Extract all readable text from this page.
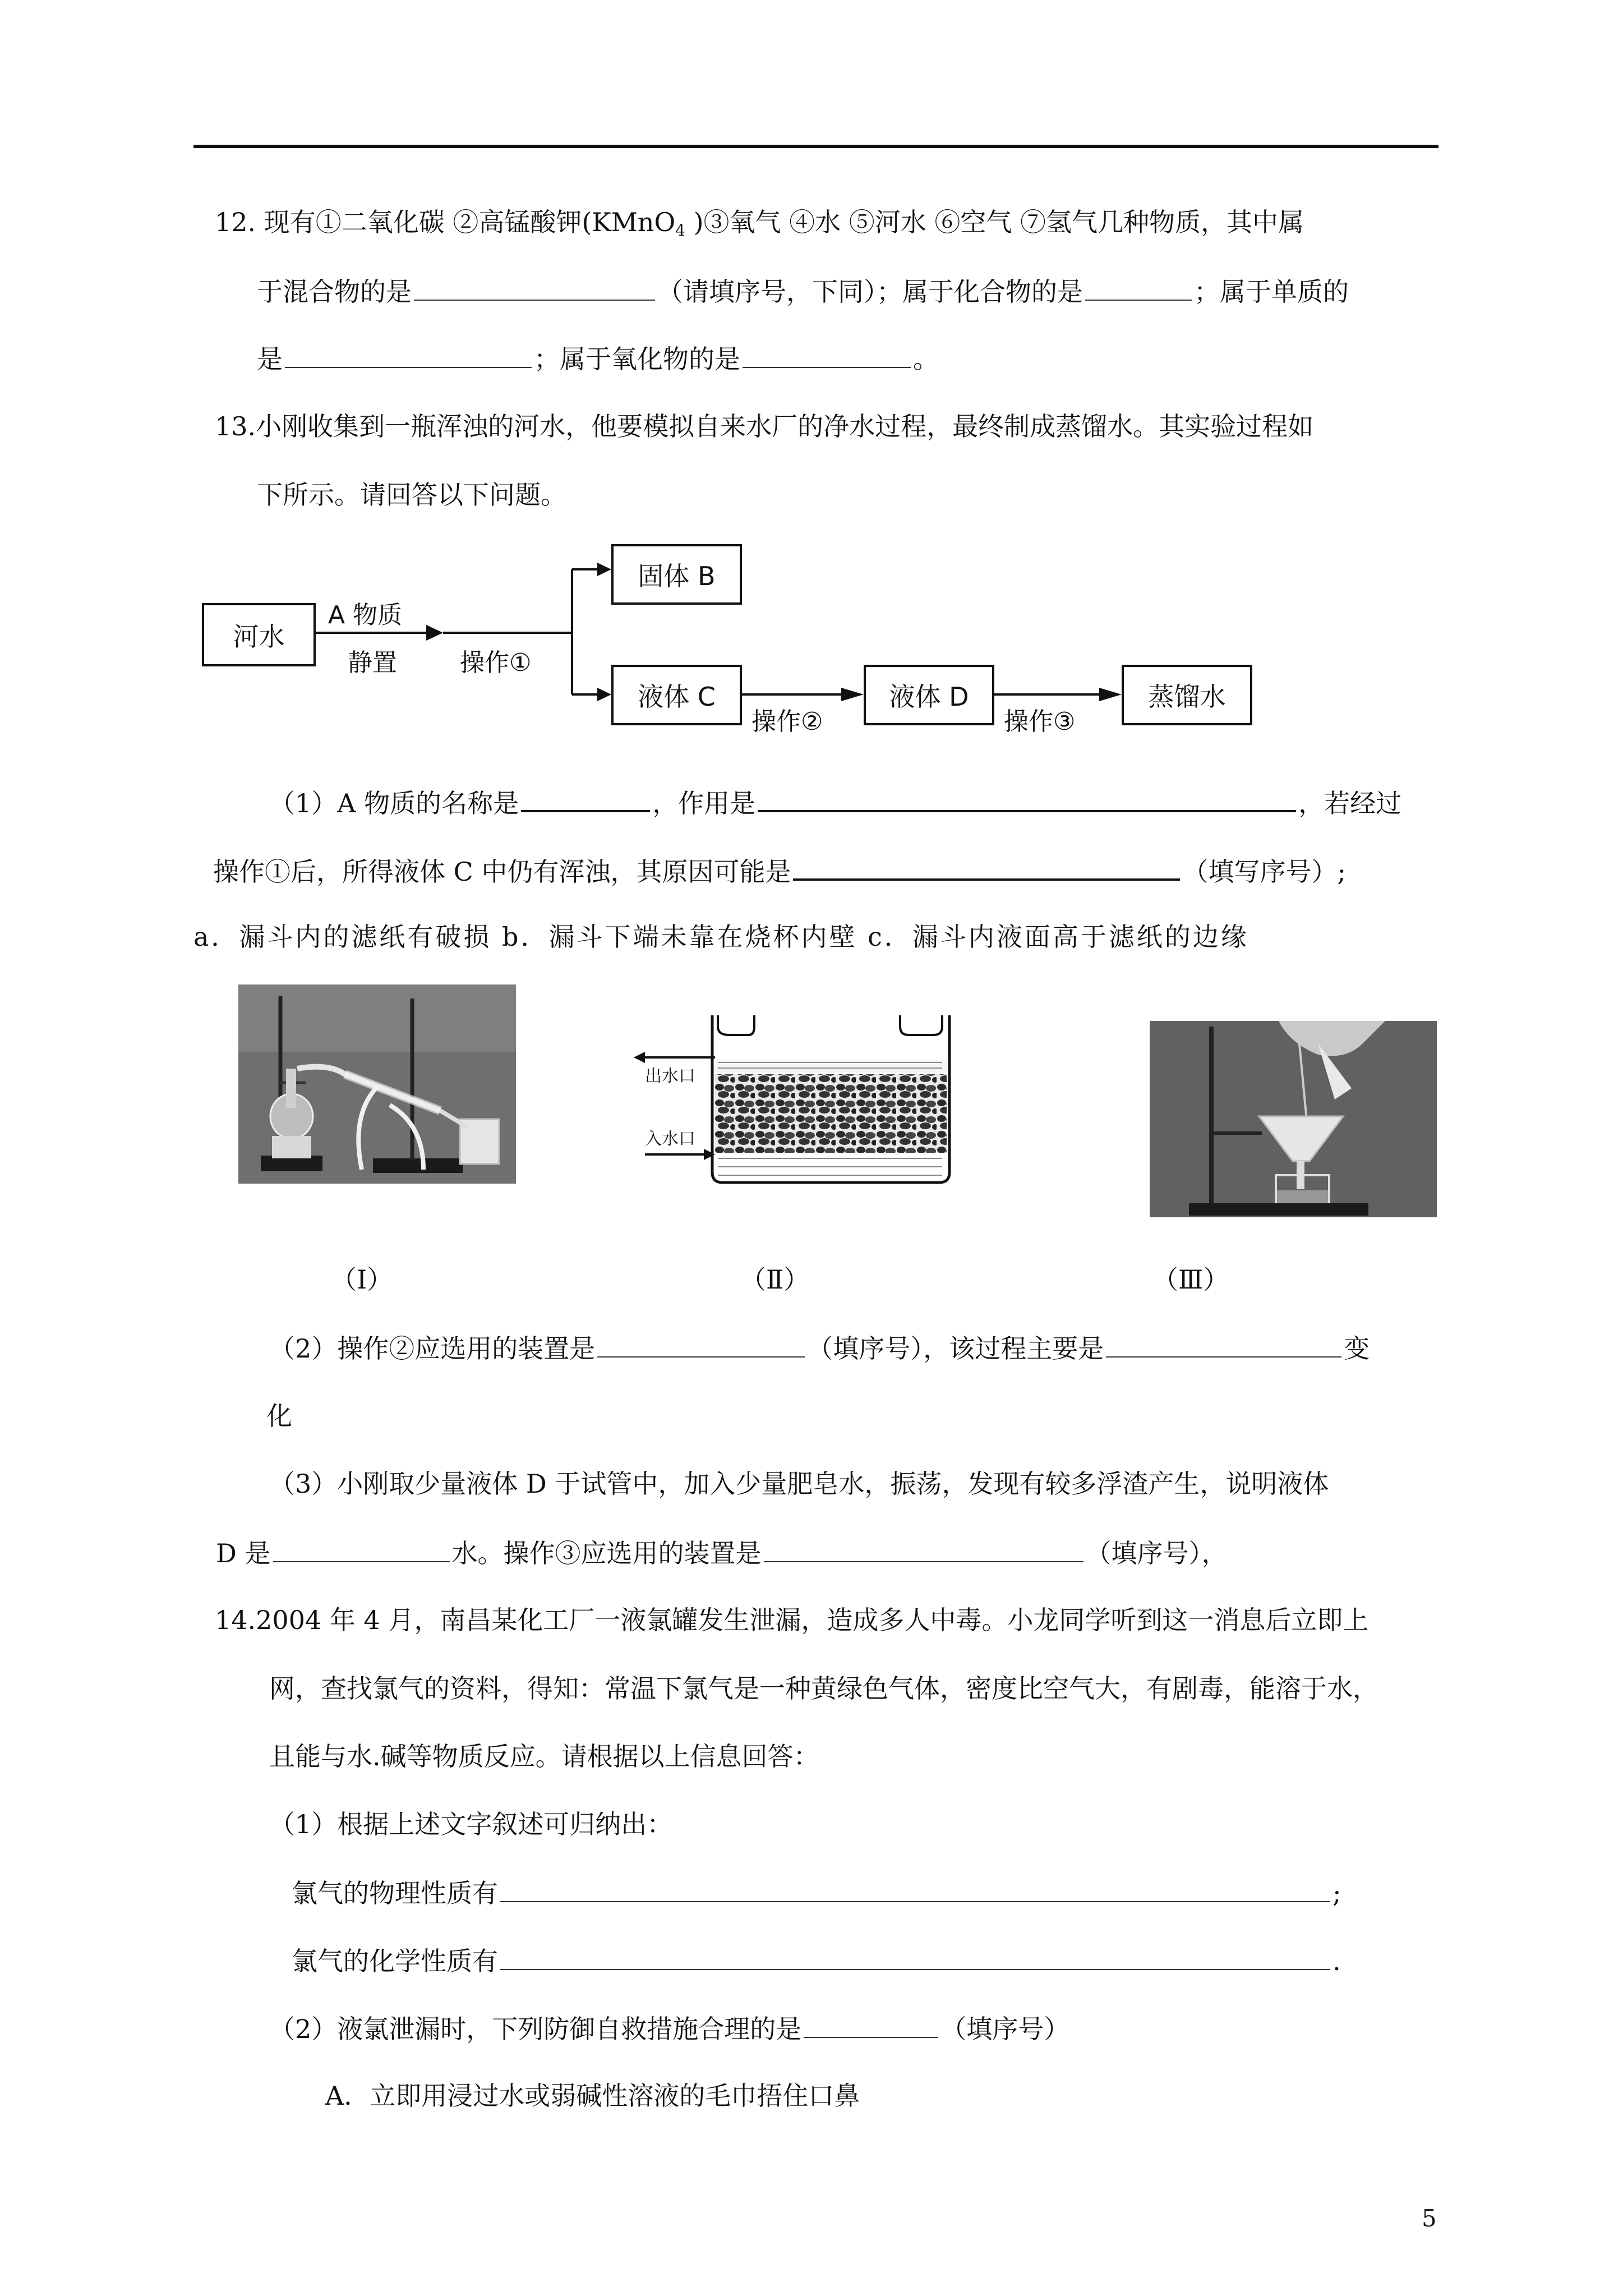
12. 现有①二氧化碳 ②高锰酸钾(KMnO$_4$ )③氧气 ④水 ⑤河水 ⑥空气 ⑦氢气几种物质，其中属
于混合物的是	（请填序号，下同）；属于化合物的是	；属于单质的
是	；属于氧化物的是	。
13.小刚收集到一瓶浑浊的河水，他要模拟自来水厂的净水过程，最终制成蒸馏水。其实验过程如
下所示。请回答以下问题。
河水
A 物质
静置	操作①
固体 B
液体 C
操作②
液体 D
操作③
蒸馏水
（1）A 物质的名称是	，作用是	，若经过
操作①后，所得液体 C 中仍有浑浊，其原因可能是	（填写序号）;
a．漏斗内的滤纸有破损 b．漏斗下端未靠在烧杯内壁 c．漏斗内液面高于滤纸的边缘
出水口
入水口
（Ⅰ）	（Ⅱ）	（Ⅲ）
（2）操作②应选用的装置是	（填序号），该过程主要是	变
化
（3）小刚取少量液体 D 于试管中，加入少量肥皂水，振荡，发现有较多浮渣产生，说明液体
D 是	水。操作③应选用的装置是	（填序号），
14.2004 年 4 月，南昌某化工厂一液氯罐发生泄漏，造成多人中毒。小龙同学听到这一消息后立即上
网，查找氯气的资料，得知：常温下氯气是一种黄绿色气体，密度比空气大，有剧毒，能溶于水，
且能与水.碱等物质反应。请根据以上信息回答：
（1）根据上述文字叙述可归纳出：
氯气的物理性质有	;
氯气的化学性质有	.
（2）液氯泄漏时，下列防御自救措施合理的是	（填序号）
A．立即用浸过水或弱碱性溶液的毛巾捂住口鼻
5
